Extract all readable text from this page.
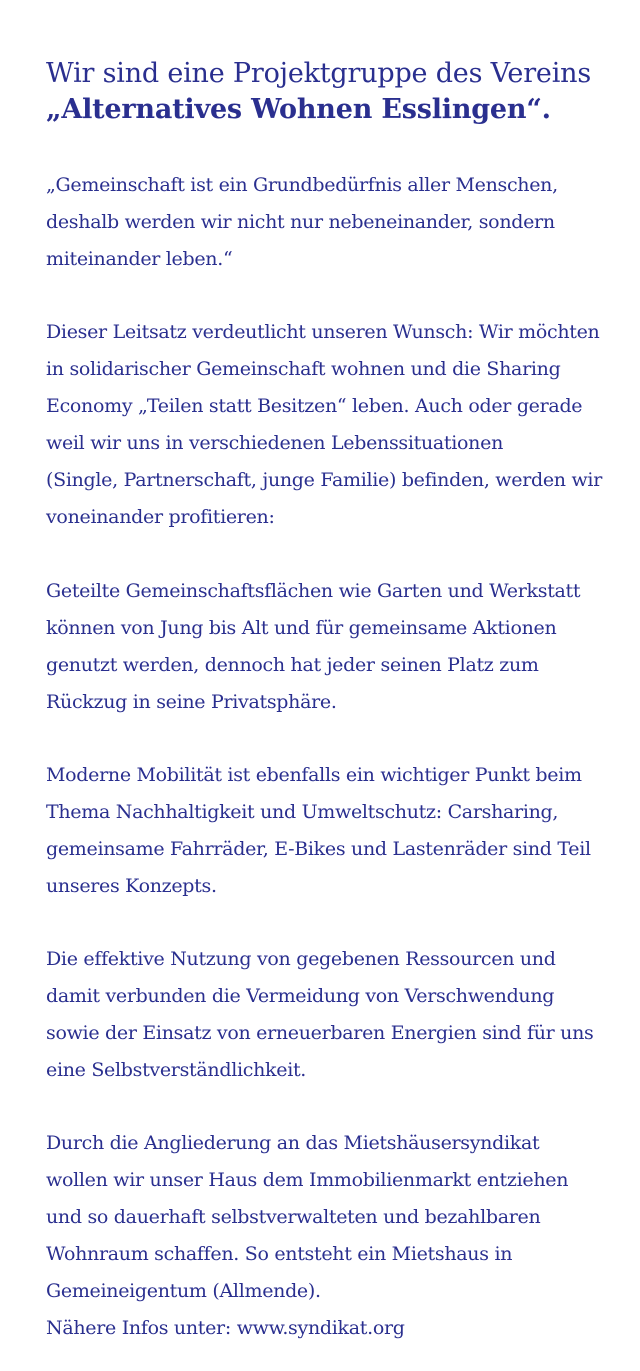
Wir sind eine Projektgruppe des Vereins
„Alternatives Wohnen Esslingen“.

„Gemeinschaft ist ein Grundbedürfnis aller Menschen,
deshalb werden wir nicht nur nebeneinander, sondern
miteinander leben.“

Dieser Leitsatz verdeutlicht unseren Wunsch: Wir möchten
in solidarischer Gemeinschaft wohnen und die Sharing
Economy „Teilen statt Besitzen“ leben. Auch oder gerade
weil wir uns in verschiedenen Lebenssituationen
(Single, Partnerschaft, junge Familie) befinden, werden wir
voneinander profitieren:

Geteilte Gemeinschaftsflächen wie Garten und Werkstatt
können von Jung bis Alt und für gemeinsame Aktionen
genutzt werden, dennoch hat jeder seinen Platz zum
Rückzug in seine Privatsphäre.

Moderne Mobilität ist ebenfalls ein wichtiger Punkt beim
Thema Nachhaltigkeit und Umweltschutz: Carsharing,
gemeinsame Fahrräder, E-Bikes und Lastenräder sind Teil
unseres Konzepts.

Die effektive Nutzung von gegebenen Ressourcen und
damit verbunden die Vermeidung von Verschwendung
sowie der Einsatz von erneuerbaren Energien sind für uns
eine Selbstverständlichkeit.

Durch die Angliederung an das Mietshäusersyndikat
wollen wir unser Haus dem Immobilienmarkt entziehen
und so dauerhaft selbstverwalteten und bezahlbaren
Wohnraum schaffen. So entsteht ein Mietshaus in
Gemeineigentum (Allmende).
Nähere Infos unter: www.syndikat.org
